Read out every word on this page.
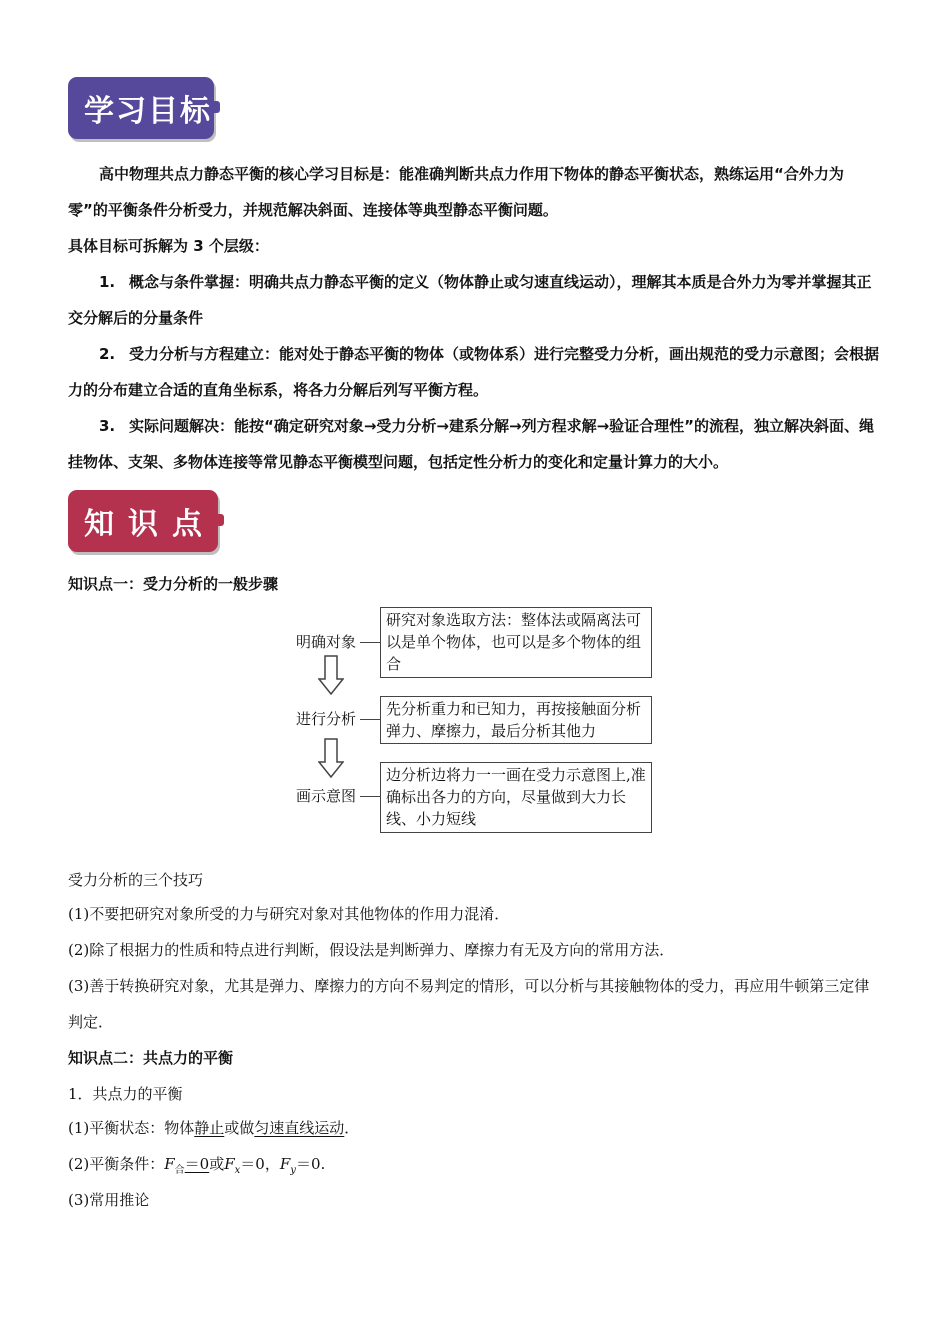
学习目标

高中物理共点力静态平衡的核心学习目标是：能准确判断共点力作用下物体的静态平衡状态，熟练运用“合外力为零”的平衡条件分析受力，并规范解决斜面、连接体等典型静态平衡问题。

具体目标可拆解为 3 个层级：

1. 概念与条件掌握：明确共点力静态平衡的定义（物体静止或匀速直线运动），理解其本质是合外力为零并掌握其正交分解后的分量条件

2. 受力分析与方程建立：能对处于静态平衡的物体（或物体系）进行完整受力分析，画出规范的受力示意图；会根据力的分布建立合适的直角坐标系，将各力分解后列写平衡方程。

3. 实际问题解决：能按“确定研究对象→受力分析→建系分解→列方程求解→验证合理性”的流程，独立解决斜面、绳挂物体、支架、多物体连接等常见静态平衡模型问题，包括定性分析力的变化和定量计算力的大小。

知识点

知识点一：受力分析的一般步骤

明确对象
研究对象选取方法：整体法或隔离法可以是单个物体，也可以是多个物体的组合
进行分析
先分析重力和已知力，再按接触面分析弹力、摩擦力，最后分析其他力
画示意图
边分析边将力一一画在受力示意图上,准确标出各力的方向，尽量做到大力长线、小力短线

受力分析的三个技巧

(1)不要把研究对象所受的力与研究对象对其他物体的作用力混淆．

(2)除了根据力的性质和特点进行判断，假设法是判断弹力、摩擦力有无及方向的常用方法．

(3)善于转换研究对象，尤其是弹力、摩擦力的方向不易判定的情形，可以分析与其接触物体的受力，再应用牛顿第三定律判定．

知识点二：共点力的平衡

1．共点力的平衡

(1)平衡状态：物体静止或做匀速直线运动．

(2)平衡条件：$F_合=0$或$F_x=0$，$F_y=0$.

(3)常用推论
